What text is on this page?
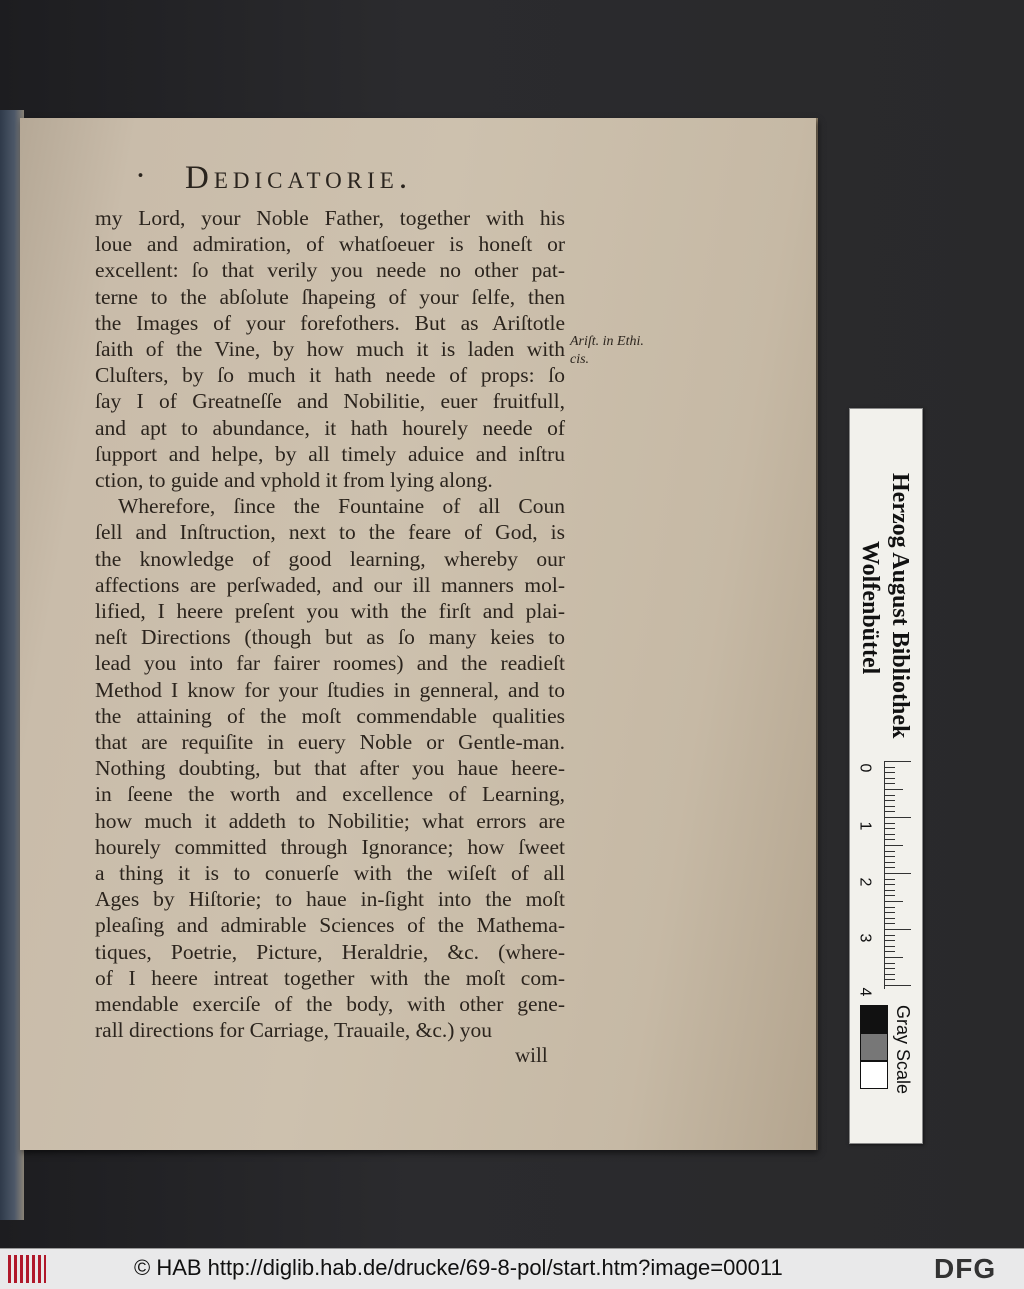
· Dedicatorie.
my Lord, your Noble Father, together with his
loue and admiration, of whatſoeuer is honeſt or
excellent: ſo that verily you neede no other pat-
terne to the abſolute ſhapeing of your ſelfe, then
the Images of your forefothers. But as Ariſtotle
ſaith of the Vine, by how much it is laden with
Cluſters, by ſo much it hath neede of props: ſo
ſay I of Greatneſſe and Nobilitie, euer fruitfull,
and apt to abundance, it hath hourely neede of
ſupport and helpe, by all timely aduice and inſtru
ction, to guide and vphold it from lying along.
Wherefore, ſince the Fountaine of all Coun
ſell and Inſtruction, next to the feare of God, is
the knowledge of good learning, whereby our
affections are perſwaded, and our ill manners mol-
lified, I heere preſent you with the firſt and plai-
neſt Directions (though but as ſo many keies to
lead you into far fairer roomes) and the readieſt
Method I know for your ſtudies in genneral, and to
the attaining of the moſt commendable qualities
that are requiſite in euery Noble or Gentle-man.
Nothing doubting, but that after you haue heere-
in ſeene the worth and excellence of Learning,
how much it addeth to Nobilitie; what errors are
hourely committed through Ignorance; how ſweet
a thing it is to conuerſe with the wiſeſt of all
Ages by Hiſtorie; to haue in-ſight into the moſt
pleaſing and admirable Sciences of the Mathema-
tiques, Poetrie, Picture, Heraldrie, &c. (where-
of I heere intreat together with the moſt com-
mendable exerciſe of the body, with other gene-
rall directions for Carriage, Trauaile, &c.) you
Ariſt. in Ethi.
cis.
will
Herzog August Bibliothek
Wolfenbüttel
0
1
2
3
4
Gray Scale
© HAB http://diglib.hab.de/drucke/69-8-pol/start.htm?image=00011	DFG
